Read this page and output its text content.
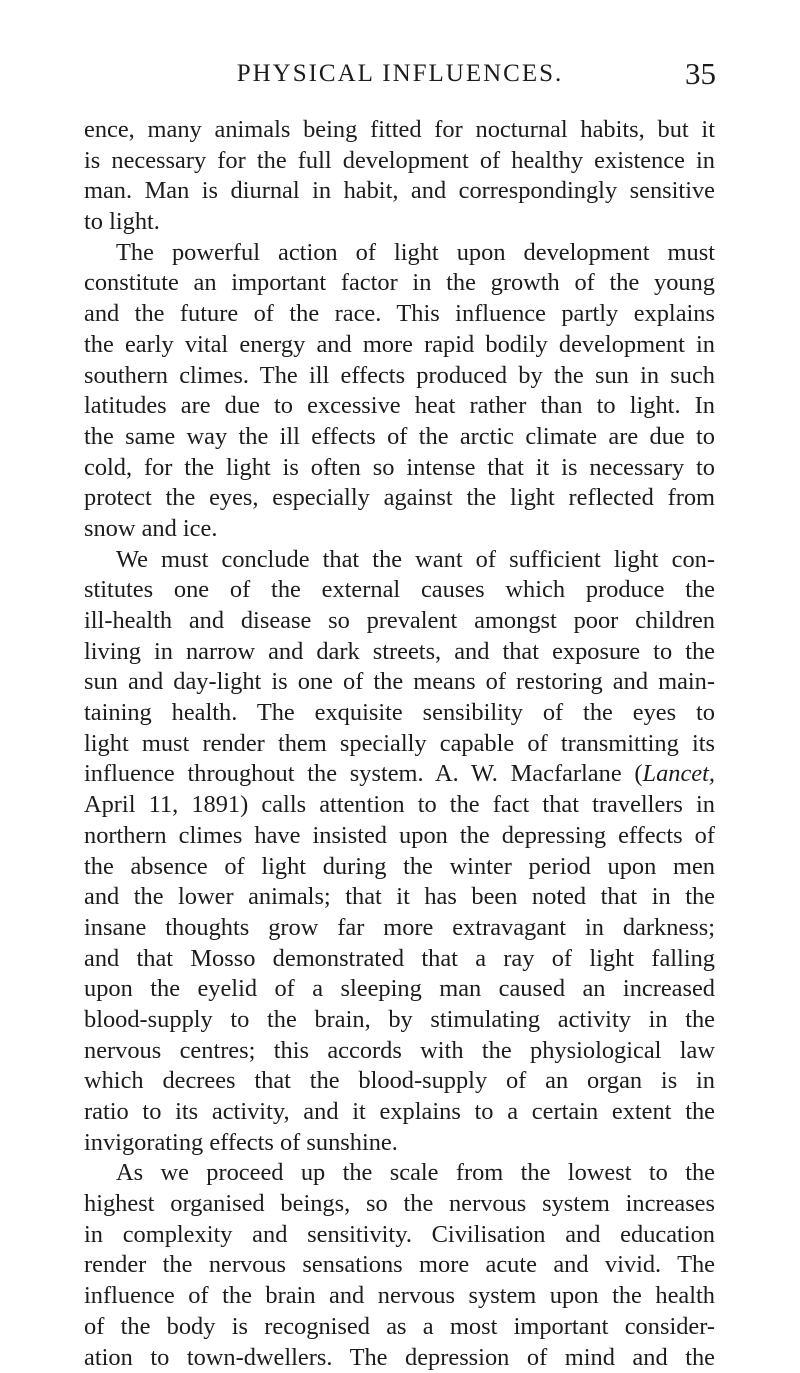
PHYSICAL INFLUENCES.	35
ence, many animals being fitted for nocturnal habits, but it
is necessary for the full development of healthy existence in
man. Man is diurnal in habit, and correspondingly sensitive
to light.
The powerful action of light upon development must
constitute an important factor in the growth of the young
and the future of the race. This influence partly explains
the early vital energy and more rapid bodily development in
southern climes. The ill effects produced by the sun in such
latitudes are due to excessive heat rather than to light. In
the same way the ill effects of the arctic climate are due to
cold, for the light is often so intense that it is necessary to
protect the eyes, especially against the light reflected from
snow and ice.
We must conclude that the want of sufficient light con-
stitutes one of the external causes which produce the
ill-health and disease so prevalent amongst poor children
living in narrow and dark streets, and that exposure to the
sun and day-light is one of the means of restoring and main-
taining health. The exquisite sensibility of the eyes to
light must render them specially capable of transmitting its
influence throughout the system. A. W. Macfarlane (Lancet,
April 11, 1891) calls attention to the fact that travellers in
northern climes have insisted upon the depressing effects of
the absence of light during the winter period upon men
and the lower animals; that it has been noted that in the
insane thoughts grow far more extravagant in darkness;
and that Mosso demonstrated that a ray of light falling
upon the eyelid of a sleeping man caused an increased
blood-supply to the brain, by stimulating activity in the
nervous centres; this accords with the physiological law
which decrees that the blood-supply of an organ is in
ratio to its activity, and it explains to a certain extent the
invigorating effects of sunshine.
As we proceed up the scale from the lowest to the
highest organised beings, so the nervous system increases
in complexity and sensitivity. Civilisation and education
render the nervous sensations more acute and vivid. The
influence of the brain and nervous system upon the health
of the body is recognised as a most important consider-
ation to town-dwellers. The depression of mind and the
